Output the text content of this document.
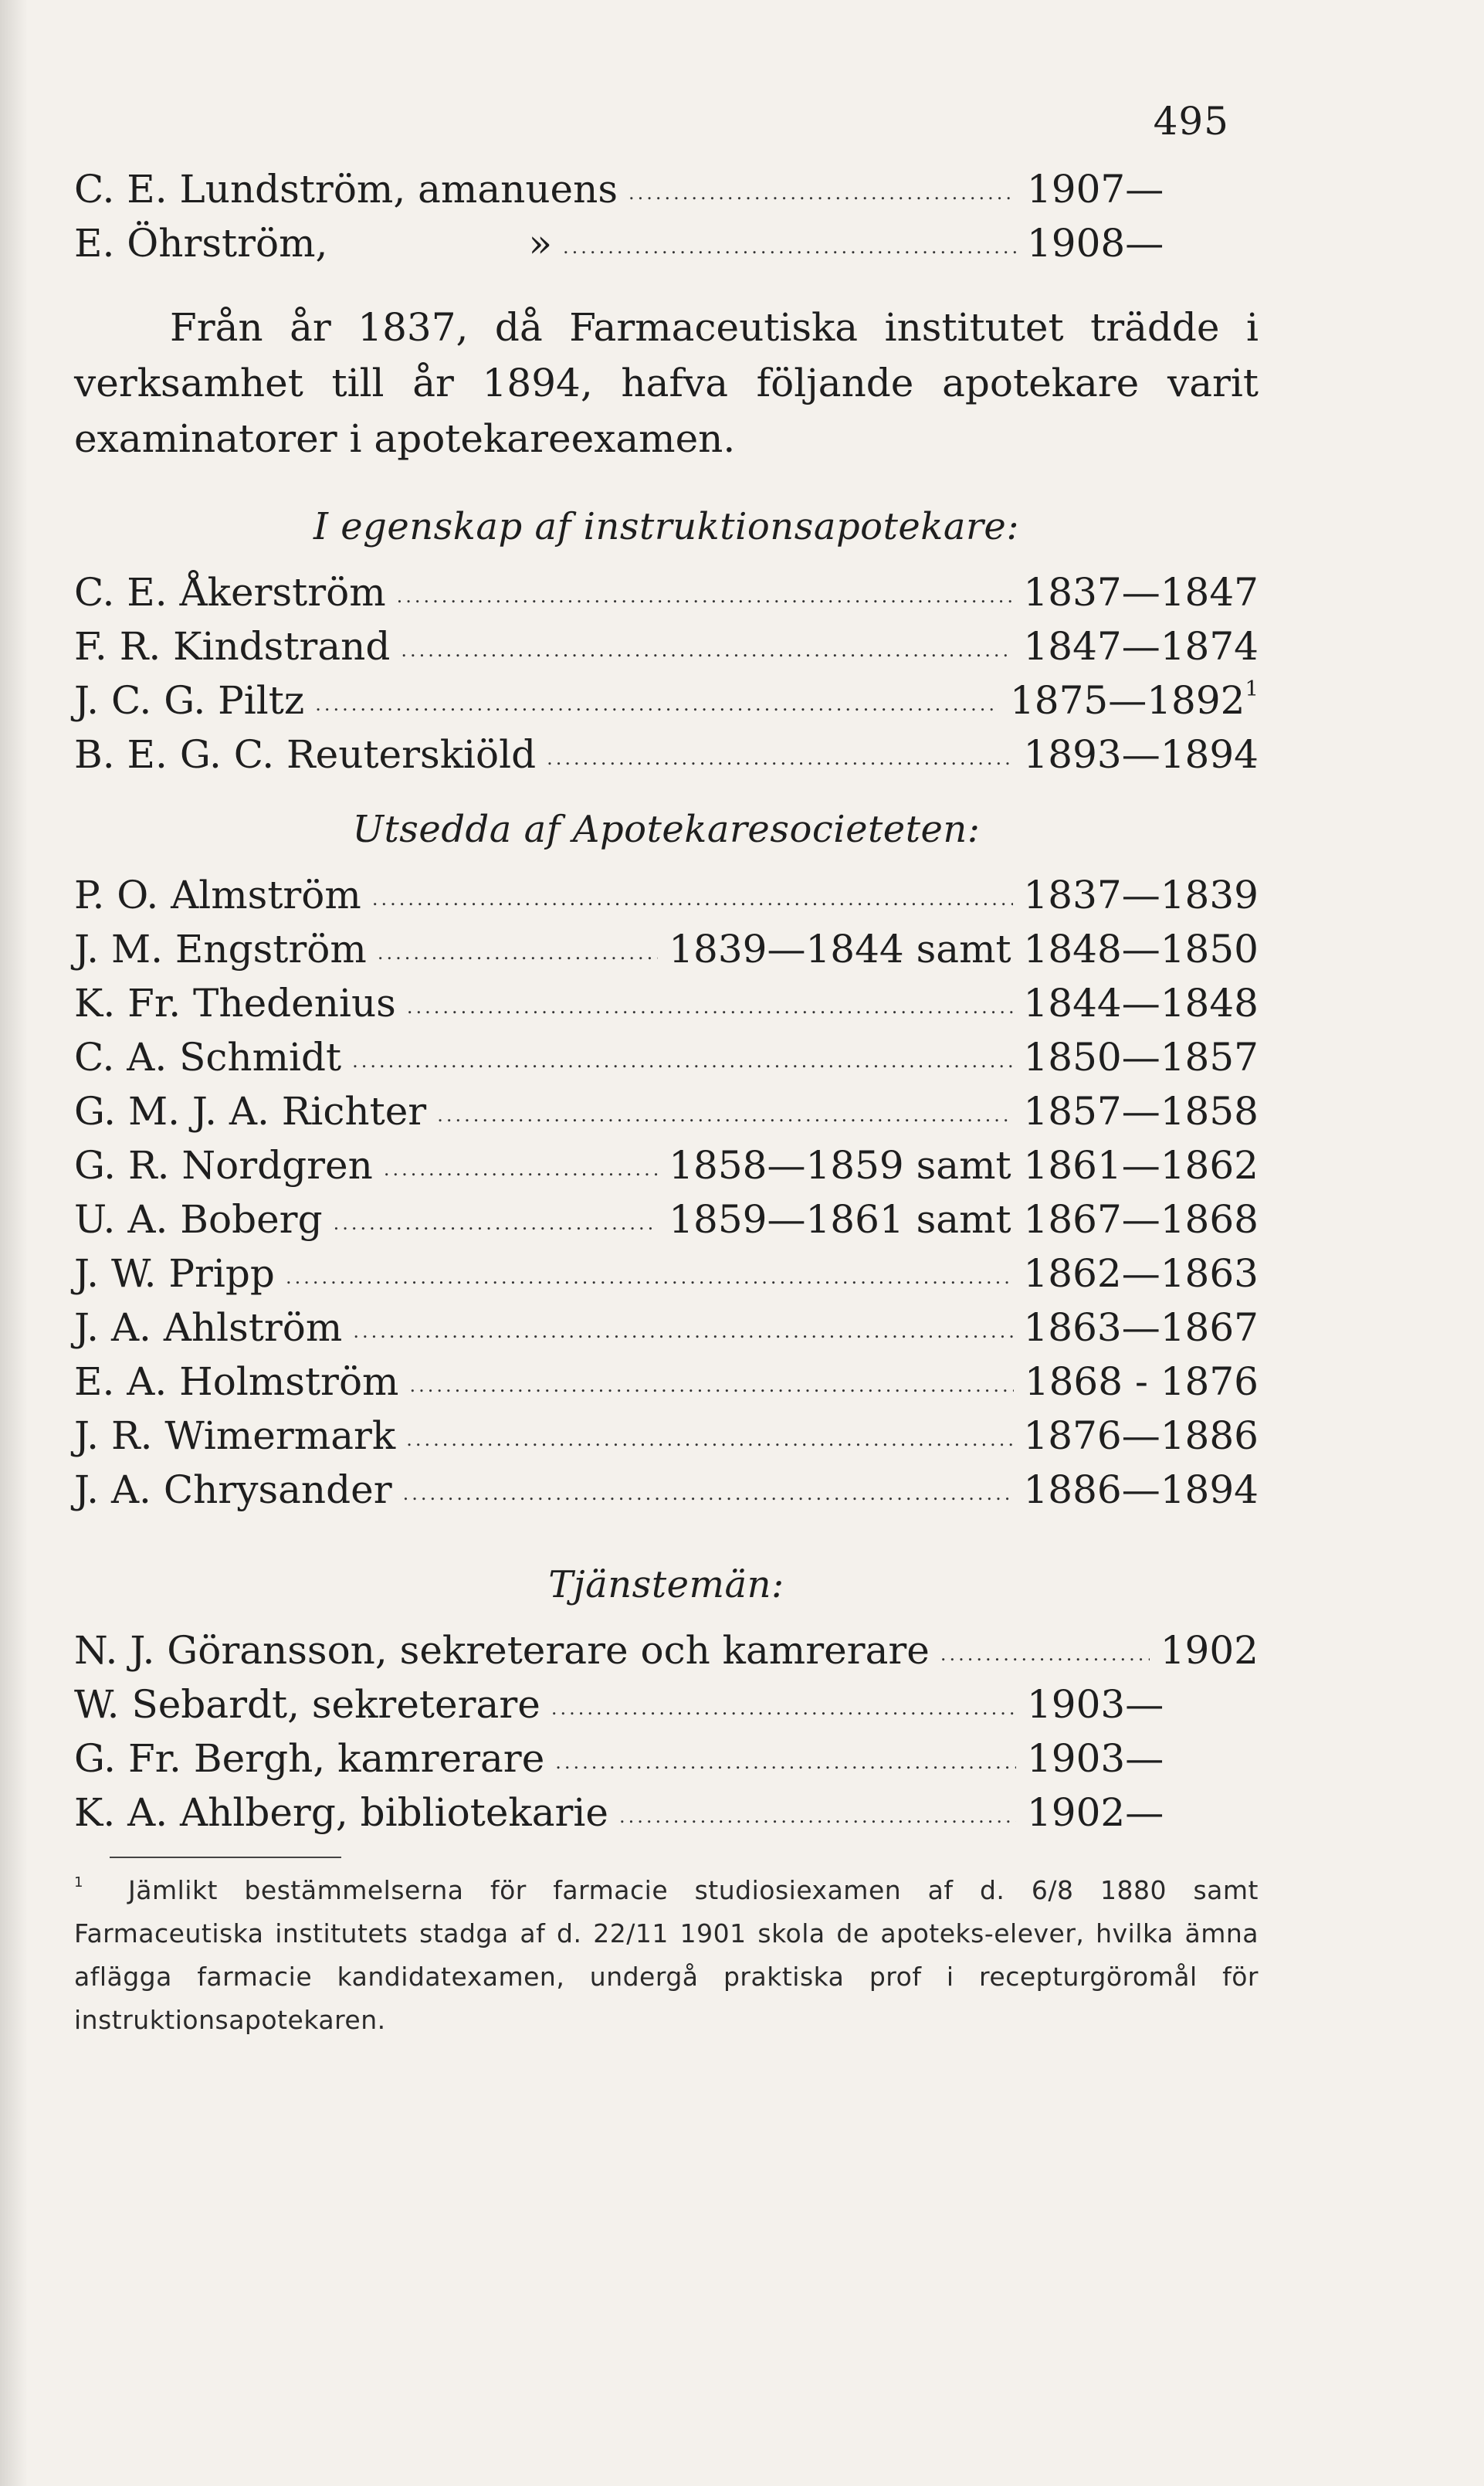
495
C. E. Lundström, amanuens .....	1907—
E. Öhrström,	» .....	1908—
Från år 1837, då Farmaceutiska institutet trädde i verksamhet till år 1894, hafva följande apotekare varit examinatorer i apotekareexamen.
I egenskap af instruktionsapotekare:
C. E. Åkerström .....	1837—1847
F. R. Kindstrand .....	1847—1874
J. C. G. Piltz .....	1875—1892$^1$
B. E. G. C. Reuterskiöld .....	1893—1894
Utsedda af Apotekaresocieteten:
P. O. Almström .....	1837—1839
J. M. Engström .....	1839—1844 samt 1848—1850
K. Fr. Thedenius .....	1844—1848
C. A. Schmidt .....	1850—1857
G. M. J. A. Richter .....	1857—1858
G. R. Nordgren .....	1858—1859 samt 1861—1862
U. A. Boberg .....	1859—1861 samt 1867—1868
J. W. Pripp .....	1862—1863
J. A. Ahlström .....	1863—1867
E. A. Holmström .....	1868 - 1876
J. R. Wimermark .....	1876—1886
J. A. Chrysander .....	1886—1894
Tjänstemän:
N. J. Göransson, sekreterare och kamrerare .....	1902
W. Sebardt, sekreterare .....	1903—
G. Fr. Bergh, kamrerare .....	1903—
K. A. Ahlberg, bibliotekarie .....	1902—
$^1$ Jämlikt bestämmelserna för farmacie studiosiexamen af d. 6/8 1880 samt Farmaceutiska institutets stadga af d. 22/11 1901 skola de apoteks-elever, hvilka ämna aflägga farmacie kandidatexamen, undergå praktiska prof i recepturgöromål för instruktionsapotekaren.
